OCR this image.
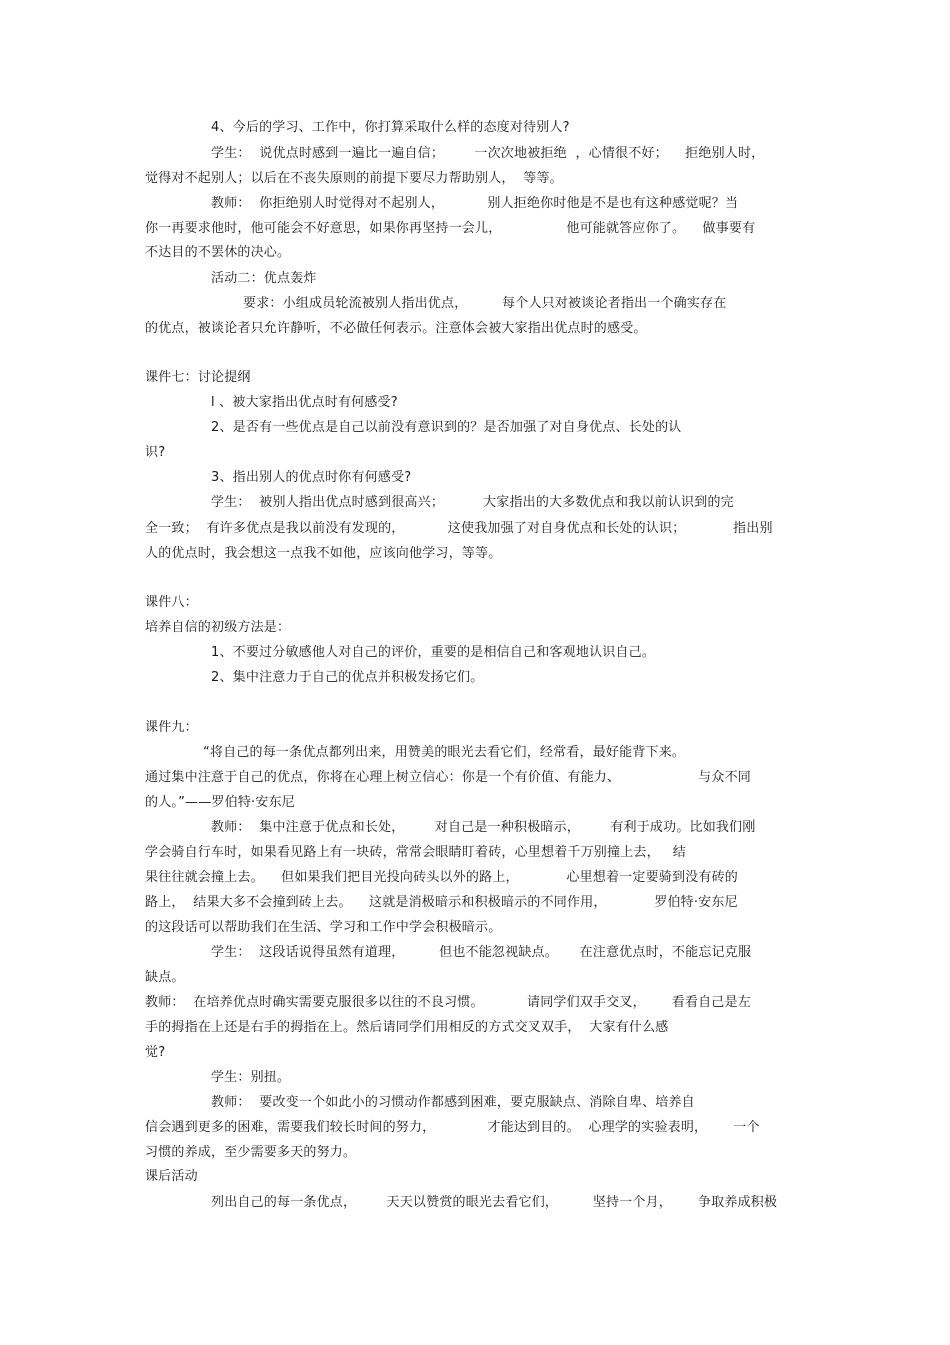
4、今后的学习、工作中，你打算采取什么样的态度对待别人?
学生：  说优点时感到一遍比一遍自信；       一次次地被拒绝  ，心情很不好；    拒绝别人时，
觉得对不起别人；以后在不丧失原则的前提下要尽力帮助别人，  等等。
教师：  你拒绝别人时觉得对不起别人，          别人拒绝你时他是不是也有这种感觉呢？当
你一再要求他时，他可能会不好意思，如果你再坚持一会儿，               他可能就答应你了。    做事要有
不达目的不罢休的决心。
活动二：优点轰炸
要求：小组成员轮流被别人指出优点，        每个人只对被谈论者指出一个确实存在
的优点，被谈论者只允许静听，不必做任何表示。注意体会被大家指出优点时的感受。
课件七：讨论提纲
l 、被大家指出优点时有何感受?
2、是否有一些优点是自己以前没有意识到的？是否加强了对自身优点、长处的认
识?
3、指出别人的优点时你有何感受?
学生：  被别人指出优点时感到很高兴；         大家指出的大多数优点和我以前认识到的完
全一致；  有许多优点是我以前没有发现的，          这使我加强了对自身优点和长处的认识；           指出别
人的优点时，我会想这一点我不如他，应该向他学习，等等。
课件八：
培养自信的初级方法是：
1、不要过分敏感他人对自己的评价，重要的是相信自己和客观地认识自己。
2、集中注意力于自己的优点并积极发扬它们。
课件九：
“将自己的每一条优点都列出来，用赞美的眼光去看它们，经常看，最好能背下来。
通过集中注意于自己的优点，你将在心理上树立信心：你是一个有价值、有能力、                  与众不同
的人。”——罗伯特·安东尼
教师：  集中注意于优点和长处，       对自己是一种积极暗示，       有利于成功。比如我们刚
学会骑自行车时，如果看见路上有一块砖，常常会眼睛盯着砖，心里想着千万别撞上去，   结
果往往就会撞上去。    但如果我们把目光投向砖头以外的路上，           心里想着一定要骑到没有砖的
路上，  结果大多不会撞到砖上去。    这就是消极暗示和积极暗示的不同作用，           罗伯特·安东尼
的这段话可以帮助我们在生活、学习和工作中学会积极暗示。
学生：  这段话说得虽然有道理，        但也不能忽视缺点。     在注意优点时，不能忘记克服
缺点。
教师：  在培养优点时确实需要克服很多以往的不良习惯。          请同学们双手交叉，      看看自己是左
手的拇指在上还是右手的拇指在上。然后请同学们用相反的方式交叉双手，  大家有什么感
觉?
学生：别扭。
教师：  要改变一个如此小的习惯动作都感到困难，要克服缺点、消除自卑、培养自
信会遇到更多的困难，需要我们较长时间的努力，            才能达到目的。  心理学的实验表明，      一个
习惯的养成，至少需要多天的努力。
课后活动
列出自己的每一条优点，       天天以赞赏的眼光去看它们，        坚持一个月，      争取养成积极
